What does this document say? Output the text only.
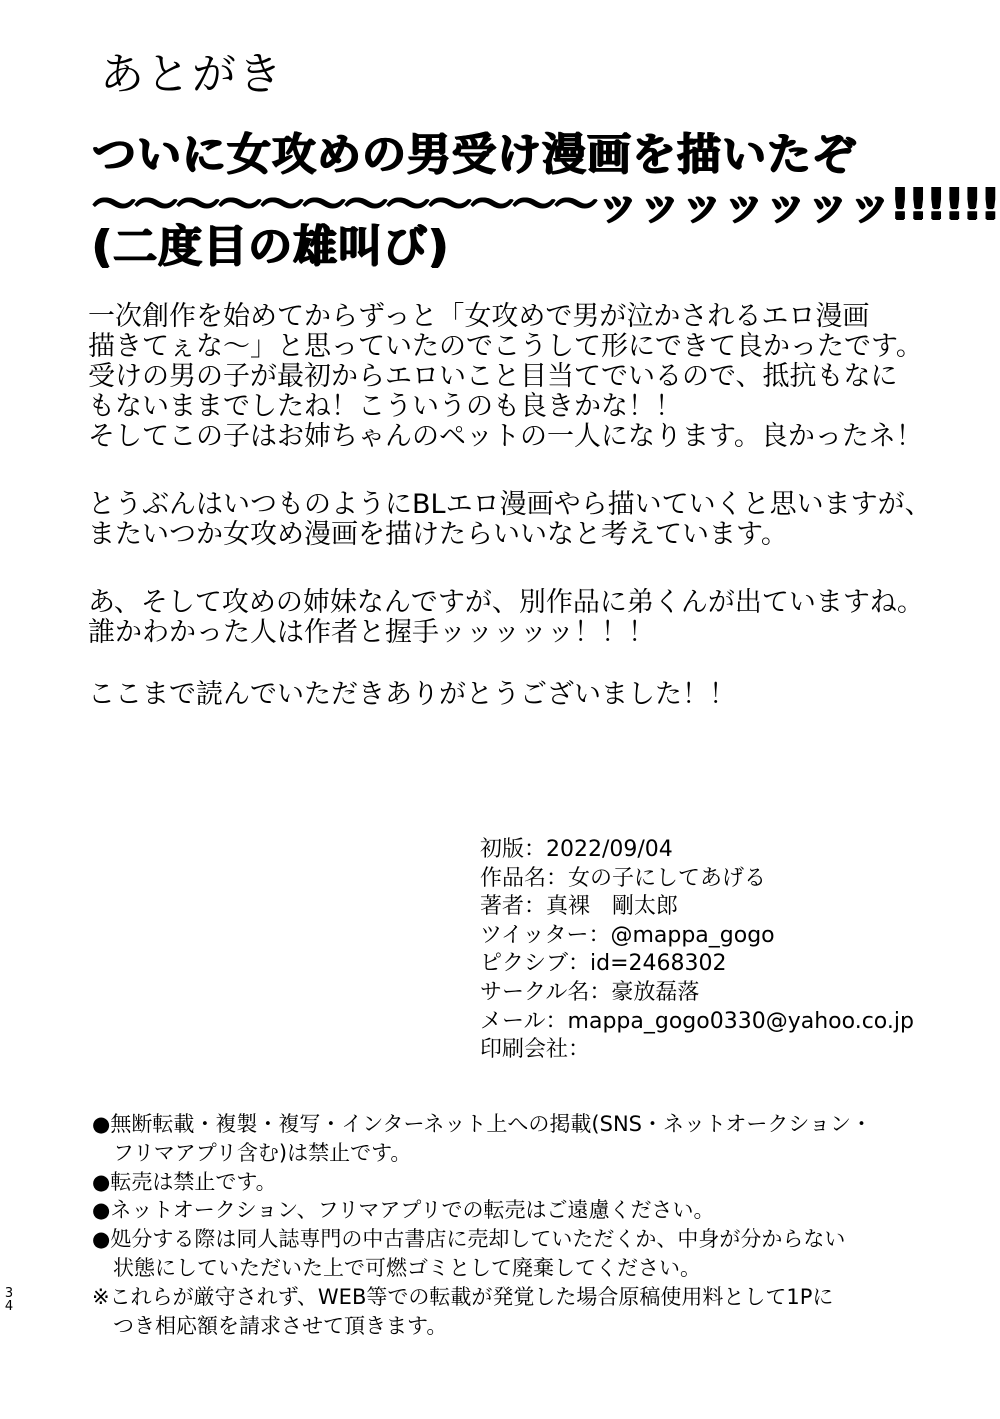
あとがき
ついに女攻めの男受け漫画を描いたぞ
〜〜〜〜〜〜〜〜〜〜〜〜ッッッッッッッ!!!!!!
(二度目の雄叫び)
一次創作を始めてからずっと「女攻めで男が泣かされるエロ漫画
描きてぇな〜」と思っていたのでこうして形にできて良かったです。
受けの男の子が最初からエロいこと目当てでいるので、抵抗もなに
もないままでしたね！こういうのも良きかな！！
そしてこの子はお姉ちゃんのペットの一人になります。良かったネ！
とうぶんはいつものようにBLエロ漫画やら描いていくと思いますが、
またいつか女攻め漫画を描けたらいいなと考えています。
あ、そして攻めの姉妹なんですが、別作品に弟くんが出ていますね。
誰かわかった人は作者と握手ッッッッッ！！！
ここまで読んでいただきありがとうございました！！
初版：2022/09/04
作品名：女の子にしてあげる
著者：真裸　剛太郎
ツイッター：@mappa_gogo
ピクシブ：id=2468302
サークル名：豪放磊落
メール：mappa_gogo0330@yahoo.co.jp
印刷会社：
●無断転載・複製・複写・インターネット上への掲載(SNS・ネットオークション・
　フリマアプリ含む)は禁止です。
●転売は禁止です。
●ネットオークション、フリマアプリでの転売はご遠慮ください。
●処分する際は同人誌専門の中古書店に売却していただくか、中身が分からない
　状態にしていただいた上で可燃ゴミとして廃棄してください。
※これらが厳守されず、WEB等での転載が発覚した場合原稿使用料として1Pに
　つき相応額を請求させて頂きます。
3
4
